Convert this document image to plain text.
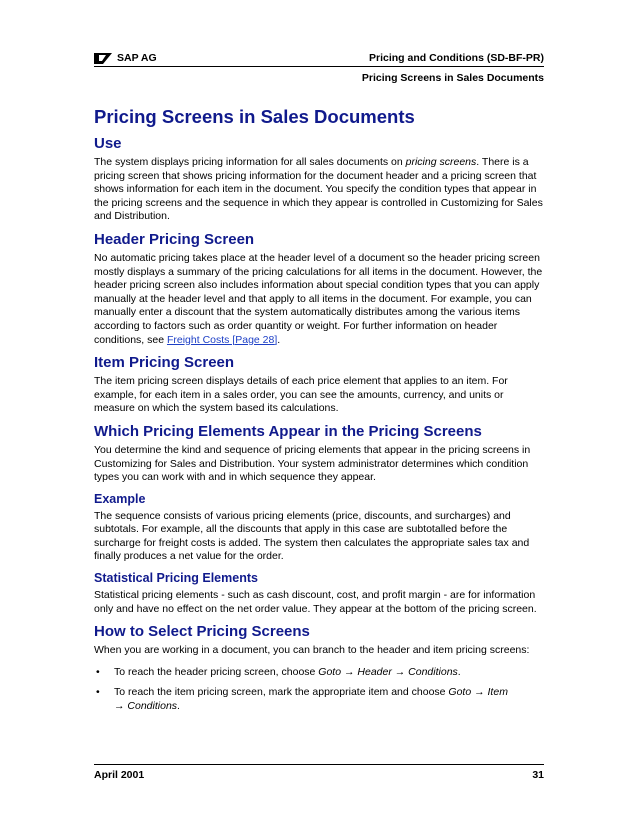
SAP AG	Pricing and Conditions (SD-BF-PR)
Pricing Screens in Sales Documents
Pricing Screens in Sales Documents
Use

The system displays pricing information for all sales documents on pricing screens. There is a pricing screen that shows pricing information for the document header and a pricing screen that shows information for each item in the document. You specify the condition types that appear in the pricing screens and the sequence in which they appear is controlled in Customizing for Sales and Distribution.

Header Pricing Screen

No automatic pricing takes place at the header level of a document so the header pricing screen mostly displays a summary of the pricing calculations for all items in the document. However, the header pricing screen also includes information about special condition types that you can apply manually at the header level and that apply to all items in the document. For example, you can manually enter a discount that the system automatically distributes among the various items according to factors such as order quantity or weight. For further information on header conditions, see Freight Costs [Page 28].

Item Pricing Screen

The item pricing screen displays details of each price element that applies to an item. For example, for each item in a sales order, you can see the amounts, currency, and units or measure on which the system based its calculations.

Which Pricing Elements Appear in the Pricing Screens

You determine the kind and sequence of pricing elements that appear in the pricing screens in Customizing for Sales and Distribution. Your system administrator determines which condition types you can work with and in which sequence they appear.

Example

The sequence consists of various pricing elements (price, discounts, and surcharges) and subtotals. For example, all the discounts that apply in this case are subtotalled before the surcharge for freight costs is added. The system then calculates the appropriate sales tax and finally produces a net value for the order.

Statistical Pricing Elements

Statistical pricing elements - such as cash discount, cost, and profit margin - are for information only and have no effect on the net order value. They appear at the bottom of the pricing screen.

How to Select Pricing Screens

When you are working in a document, you can branch to the header and item pricing screens:

• To reach the header pricing screen, choose Goto → Header → Conditions.
• To reach the item pricing screen, mark the appropriate item and choose Goto → Item
→ Conditions.
April 2001	31
